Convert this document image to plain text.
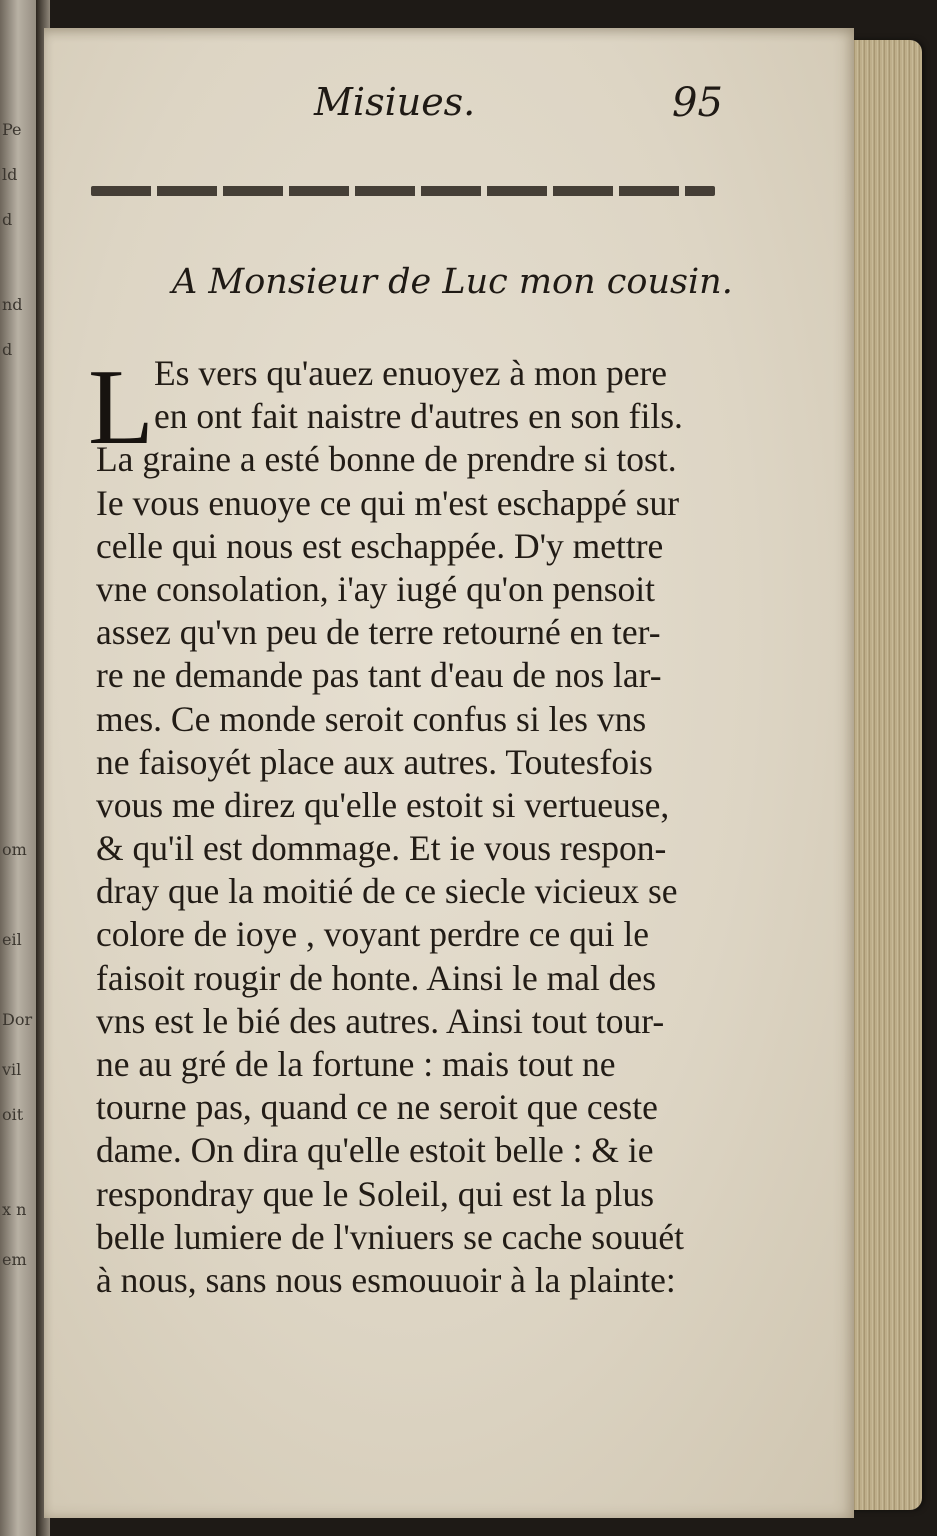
Pe
ld
d
nd
d
om
eil
Dor
vil
oit
x n
em
Misiues.	95
A Monsieur de Luc mon cousin.
L Es vers qu'auez enuoyez à mon pere
en ont fait naistre d'autres en son fils.
La graine a esté bonne de prendre si tost.
Ie vous enuoye ce qui m'est eschappé sur
celle qui nous est eschappée. D'y mettre
vne consolation, i'ay iugé qu'on pensoit
assez qu'vn peu de terre retourné en ter-
re ne demande pas tant d'eau de nos lar-
mes. Ce monde seroit confus si les vns
ne faisoyét place aux autres. Toutesfois
vous me direz qu'elle estoit si vertueuse,
& qu'il est dommage. Et ie vous respon-
dray que la moitié de ce siecle vicieux se
colore de ioye , voyant perdre ce qui le
faisoit rougir de honte. Ainsi le mal des
vns est le bié des autres. Ainsi tout tour-
ne au gré de la fortune : mais tout ne
tourne pas, quand ce ne seroit que ceste
dame. On dira qu'elle estoit belle : & ie
respondray que le Soleil, qui est la plus
belle lumiere de l'vniuers se cache souuét
à nous, sans nous esmouuoir à la plainte:
